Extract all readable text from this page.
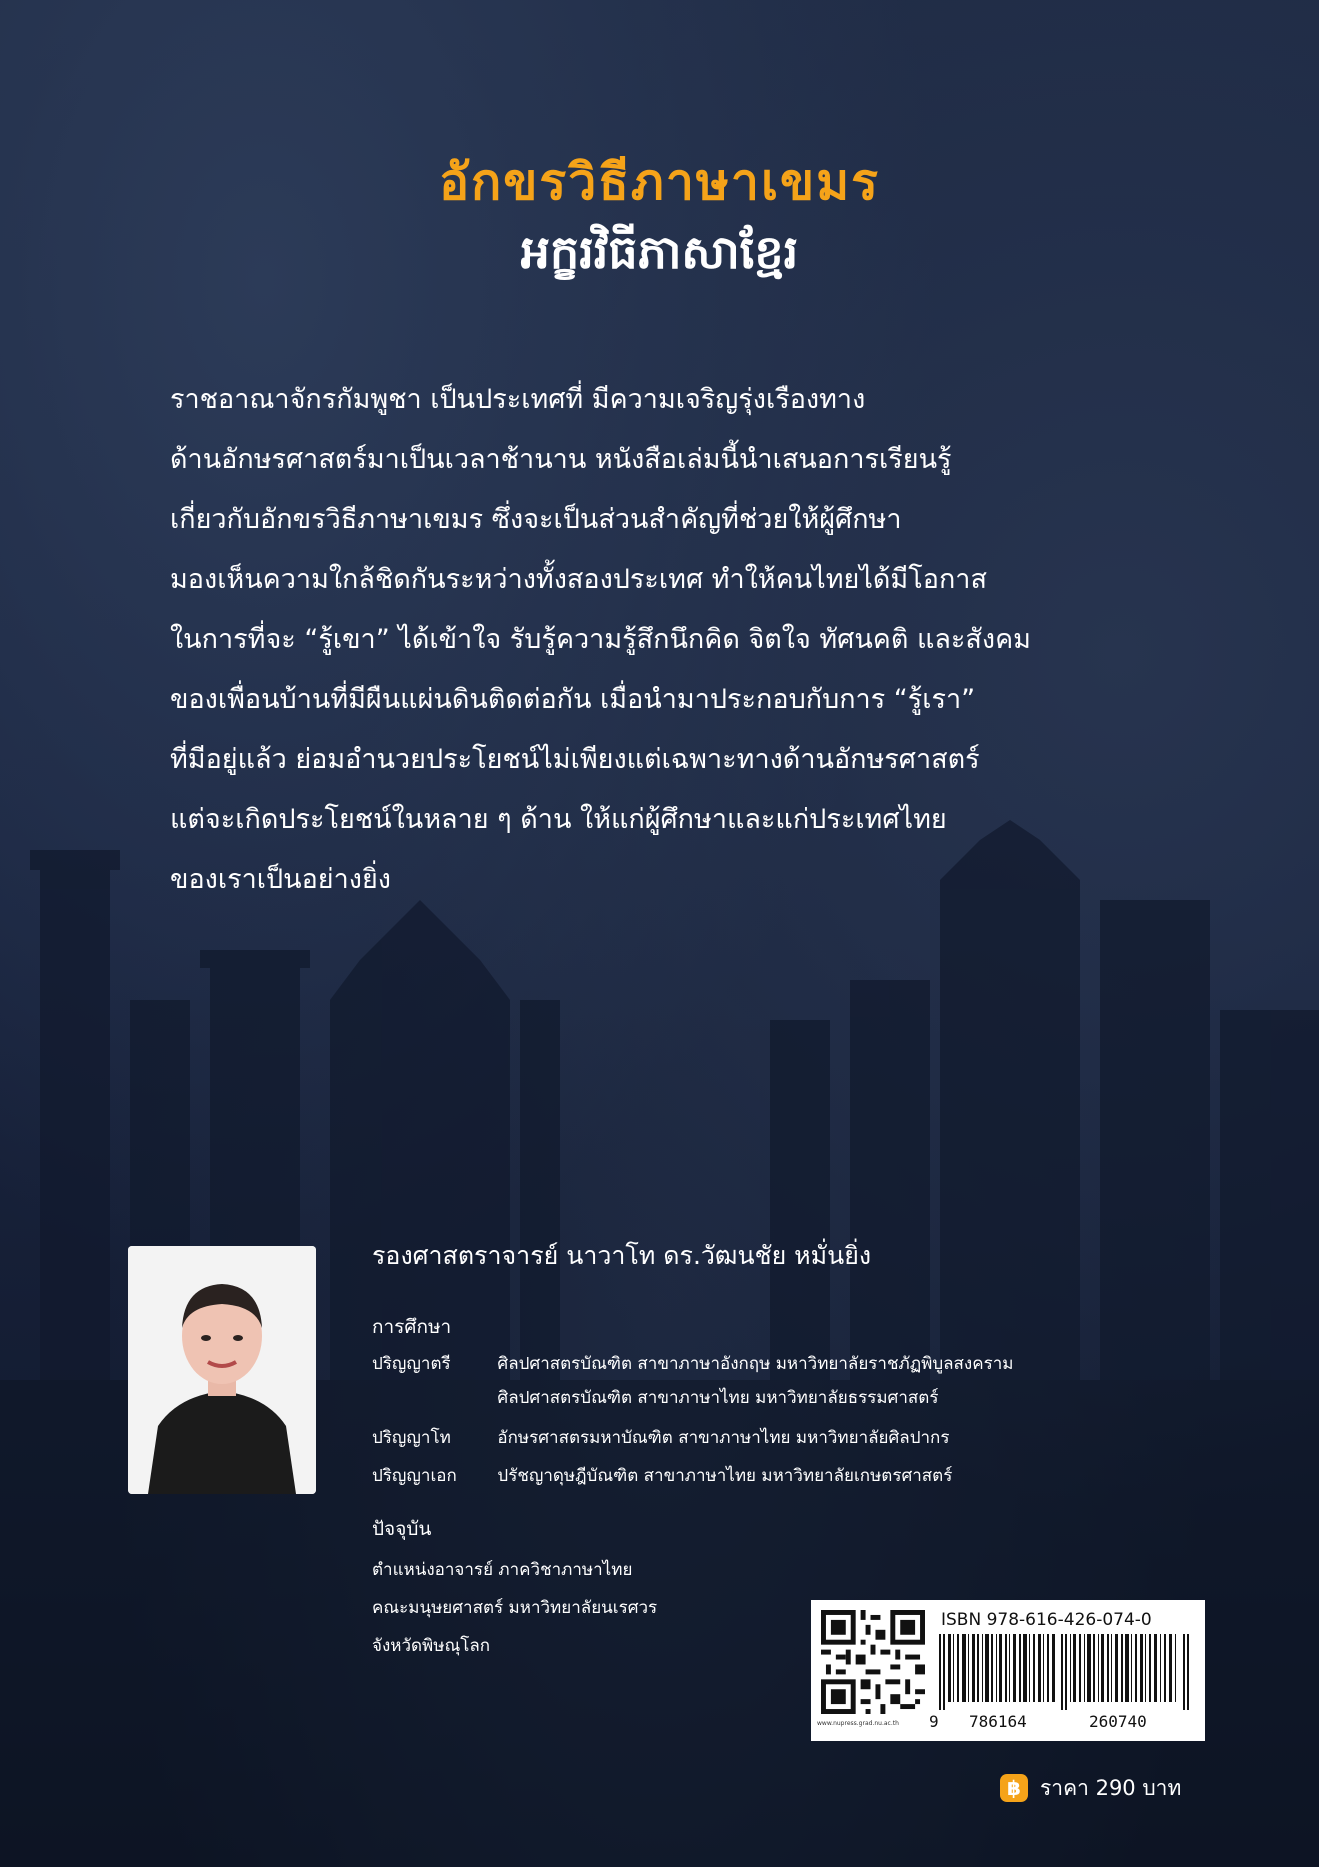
อักขรวิธีภาษาเขมร
អក្ខរវិធីភាសាខ្មែរ
ราชอาณาจักรกัมพูชา เป็นประเทศที่ มีความเจริญรุ่งเรืองทาง
ด้านอักษรศาสตร์มาเป็นเวลาช้านาน หนังสือเล่มนี้นำเสนอการเรียนรู้
เกี่ยวกับอักขรวิธีภาษาเขมร ซึ่งจะเป็นส่วนสำคัญที่ช่วยให้ผู้ศึกษา
มองเห็นความใกล้ชิดกันระหว่างทั้งสองประเทศ ทำให้คนไทยได้มีโอกาส
ในการที่จะ “รู้เขา” ได้เข้าใจ รับรู้ความรู้สึกนึกคิด จิตใจ ทัศนคติ และสังคม
ของเพื่อนบ้านที่มีผืนแผ่นดินติดต่อกัน เมื่อนำมาประกอบกับการ “รู้เรา”
ที่มีอยู่แล้ว ย่อมอำนวยประโยชน์ไม่เพียงแต่เฉพาะทางด้านอักษรศาสตร์
แต่จะเกิดประโยชน์ในหลาย ๆ ด้าน ให้แก่ผู้ศึกษาและแก่ประเทศไทย
ของเราเป็นอย่างยิ่ง
รองศาสตราจารย์ นาวาโท ดร.วัฒนชัย หมั่นยิ่ง
การศึกษา
ปริญญาตรี	ศิลปศาสตรบัณฑิต สาขาภาษาอังกฤษ มหาวิทยาลัยราชภัฏพิบูลสงคราม
ศิลปศาสตรบัณฑิต สาขาภาษาไทย มหาวิทยาลัยธรรมศาสตร์
ปริญญาโท	อักษรศาสตรมหาบัณฑิต สาขาภาษาไทย มหาวิทยาลัยศิลปากร
ปริญญาเอก ปรัชญาดุษฎีบัณฑิต สาขาภาษาไทย มหาวิทยาลัยเกษตรศาสตร์
ปัจจุบัน
ตำแหน่งอาจารย์ ภาควิชาภาษาไทย
คณะมนุษยศาสตร์ มหาวิทยาลัยนเรศวร
จังหวัดพิษณุโลก
www.nupress.grad.nu.ac.th
ISBN 978-616-426-074-0
9 786164	260740
฿ ราคา 290 บาท
